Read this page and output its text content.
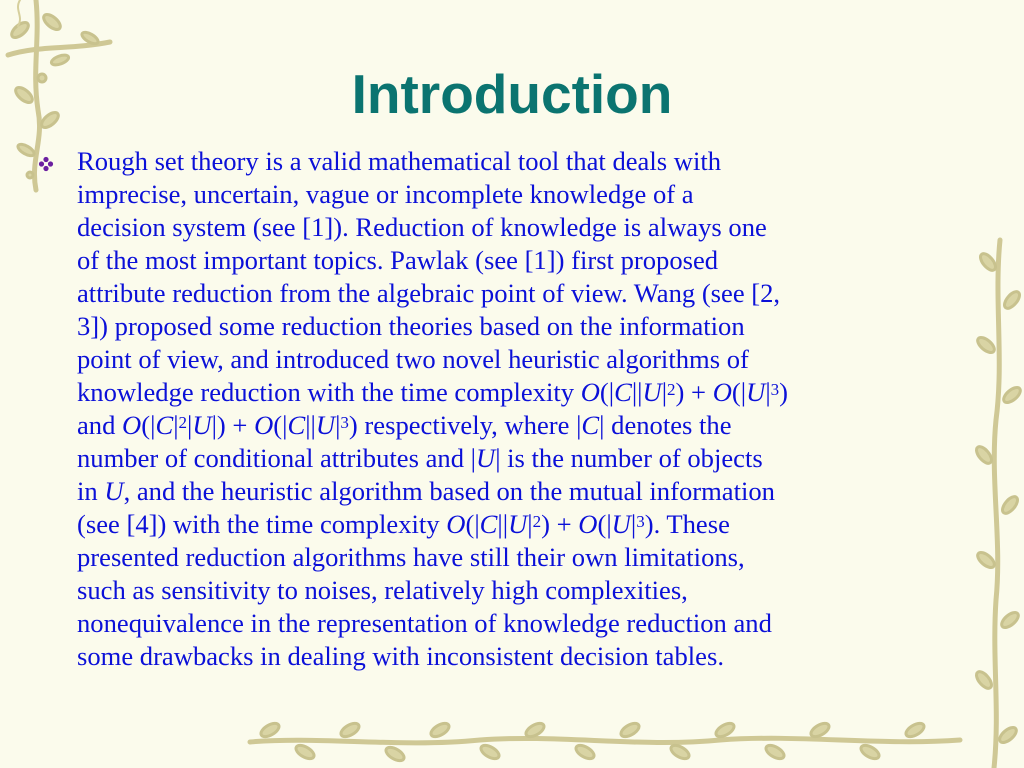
Introduction
Rough set theory is a valid mathematical tool that deals with
imprecise, uncertain, vague or incomplete knowledge of a
decision system (see [1]). Reduction of knowledge is always one
of the most important topics. Pawlak (see [1]) first proposed
attribute reduction from the algebraic point of view. Wang (see [2,
3]) proposed some reduction theories based on the information
point of view, and introduced two novel heuristic algorithms of
knowledge reduction with the time complexity $O(|C||U|^2) + O(|U|^3)$
and $O(|C|^2|U|) + O(|C||U|^3)$ respectively, where |C| denotes the
number of conditional attributes and |U| is the number of objects
in U, and the heuristic algorithm based on the mutual information
(see [4]) with the time complexity $O(|C||U|^2) + O(|U|^3)$. These
presented reduction algorithms have still their own limitations,
such as sensitivity to noises, relatively high complexities,
nonequivalence in the representation of knowledge reduction and
some drawbacks in dealing with inconsistent decision tables.
